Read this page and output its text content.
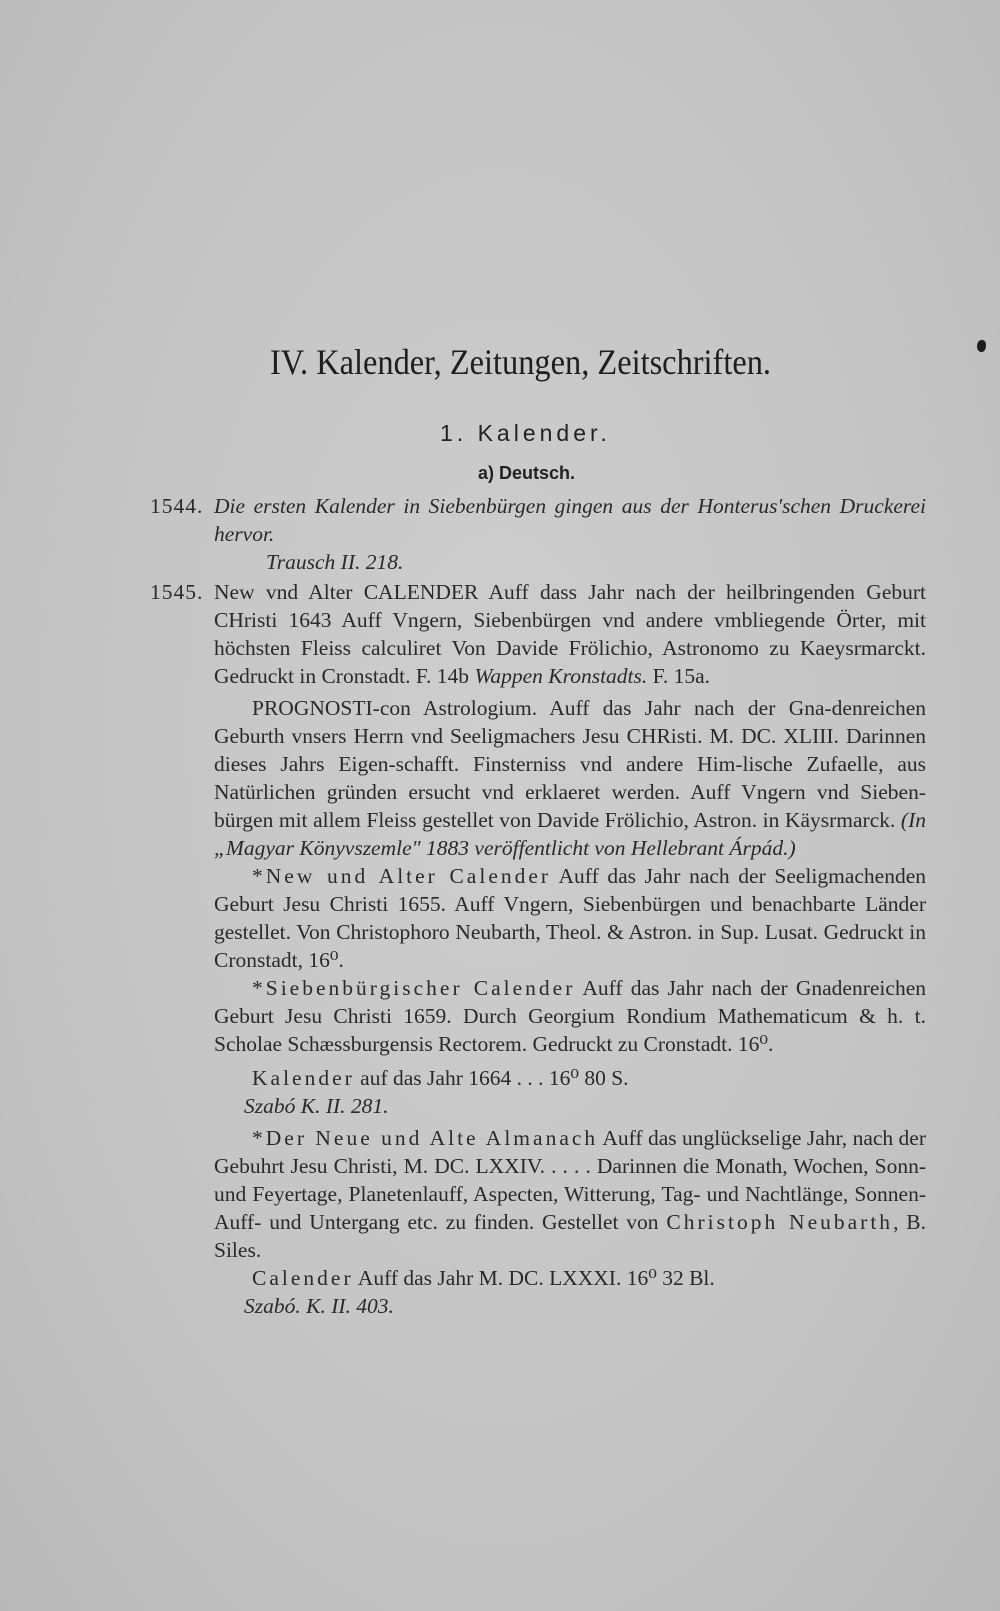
IV. Kalender, Zeitungen, Zeitschriften.
1. Kalender.
a) Deutsch.
1544. Die ersten Kalender in Siebenbürgen gingen aus der Honterus'schen Druckerei hervor.
Trausch II. 218.
1545. New vnd Alter CALENDER Auff dass Jahr nach der heilbringenden Geburt CHristi 1643 Auff Vngern, Siebenbürgen vnd andere vmbliegende Örter, mit höchsten Fleiss calculiret Von Davide Frölichio, Astronomo zu Kaeysrmarckt. Gedruckt in Cronstadt. F. 14b Wappen Kronstadts. F. 15a.

PROGNOSTI-con Astrologium. Auff das Jahr nach der Gna-denreichen Geburth vnsers Herrn vnd Seeligmachers Jesu CHRisti. M. DC. XLIII. Darinnen dieses Jahrs Eigen-schafft. Finsterniss vnd andere Him-lische Zufaelle, aus Natürlichen gründen ersucht vnd erklaeret werden. Auff Vngern vnd Sieben-bürgen mit allem Fleiss gestellet von Davide Frölichio, Astron. in Käysrmarck. (In „Magyar Könyvszemle" 1883 veröffentlicht von Hellebrant Árpád.)

*New und Alter Calender Auff das Jahr nach der Seeligmachenden Geburt Jesu Christi 1655. Auff Vngern, Siebenbürgen und benachbarte Länder gestellet. Von Christophoro Neubarth, Theol. & Astron. in Sup. Lusat. Gedruckt in Cronstadt, 16⁰.

*Siebenbürgischer Calender Auff das Jahr nach der Gnadenreichen Geburt Jesu Christi 1659. Durch Georgium Rondium Mathematicum & h. t. Scholae Schæssburgensis Rectorem. Gedruckt zu Cronstadt. 16⁰.

Kalender auf das Jahr 1664 . . . 16⁰ 80 S.

Szabó K. II. 281.

*Der Neue und Alte Almanach Auff das unglückselige Jahr, nach der Gebuhrt Jesu Christi, M. DC. LXXIV. . . . . Darinnen die Monath, Wochen, Sonn- und Feyertage, Planetenlauff, Aspecten, Witterung, Tag- und Nachtlänge, Sonnen-Auff- und Untergang etc. zu finden. Gestellet von Christoph Neubarth, B. Siles.

Calender Auff das Jahr M. DC. LXXXI. 16⁰ 32 Bl.

Szabó. K. II. 403.
